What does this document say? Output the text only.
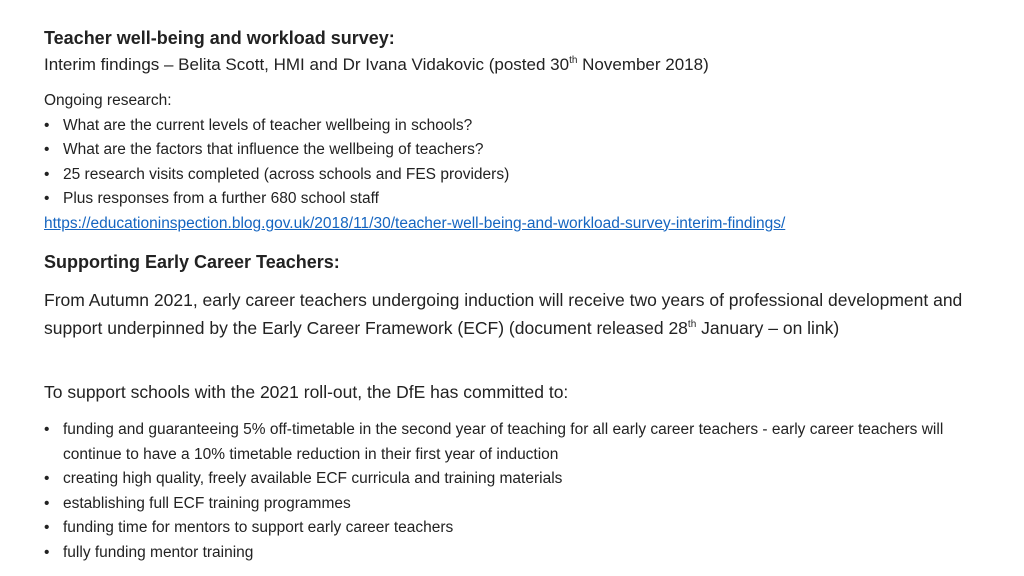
Teacher well-being and workload survey:
Interim findings – Belita Scott, HMI and Dr Ivana Vidakovic (posted 30th November 2018)
Ongoing research:
• What are the current levels of teacher wellbeing in schools?
• What are the factors that influence the wellbeing of teachers?
• 25 research visits completed (across schools and FES providers)
• Plus responses from a further 680 school staff
https://educationinspection.blog.gov.uk/2018/11/30/teacher-well-being-and-workload-survey-interim-findings/
Supporting Early Career Teachers:
From Autumn 2021, early career teachers undergoing induction will receive two years of professional development and support underpinned by the Early Career Framework (ECF) (document released 28th January – on link)
To support schools with the 2021 roll-out, the DfE has committed to:
• funding and guaranteeing 5% off-timetable in the second year of teaching for all early career teachers - early career teachers will continue to have a 10% timetable reduction in their first year of induction
• creating high quality, freely available ECF curricula and training materials
• establishing full ECF training programmes
• funding time for mentors to support early career teachers
• fully funding mentor training
